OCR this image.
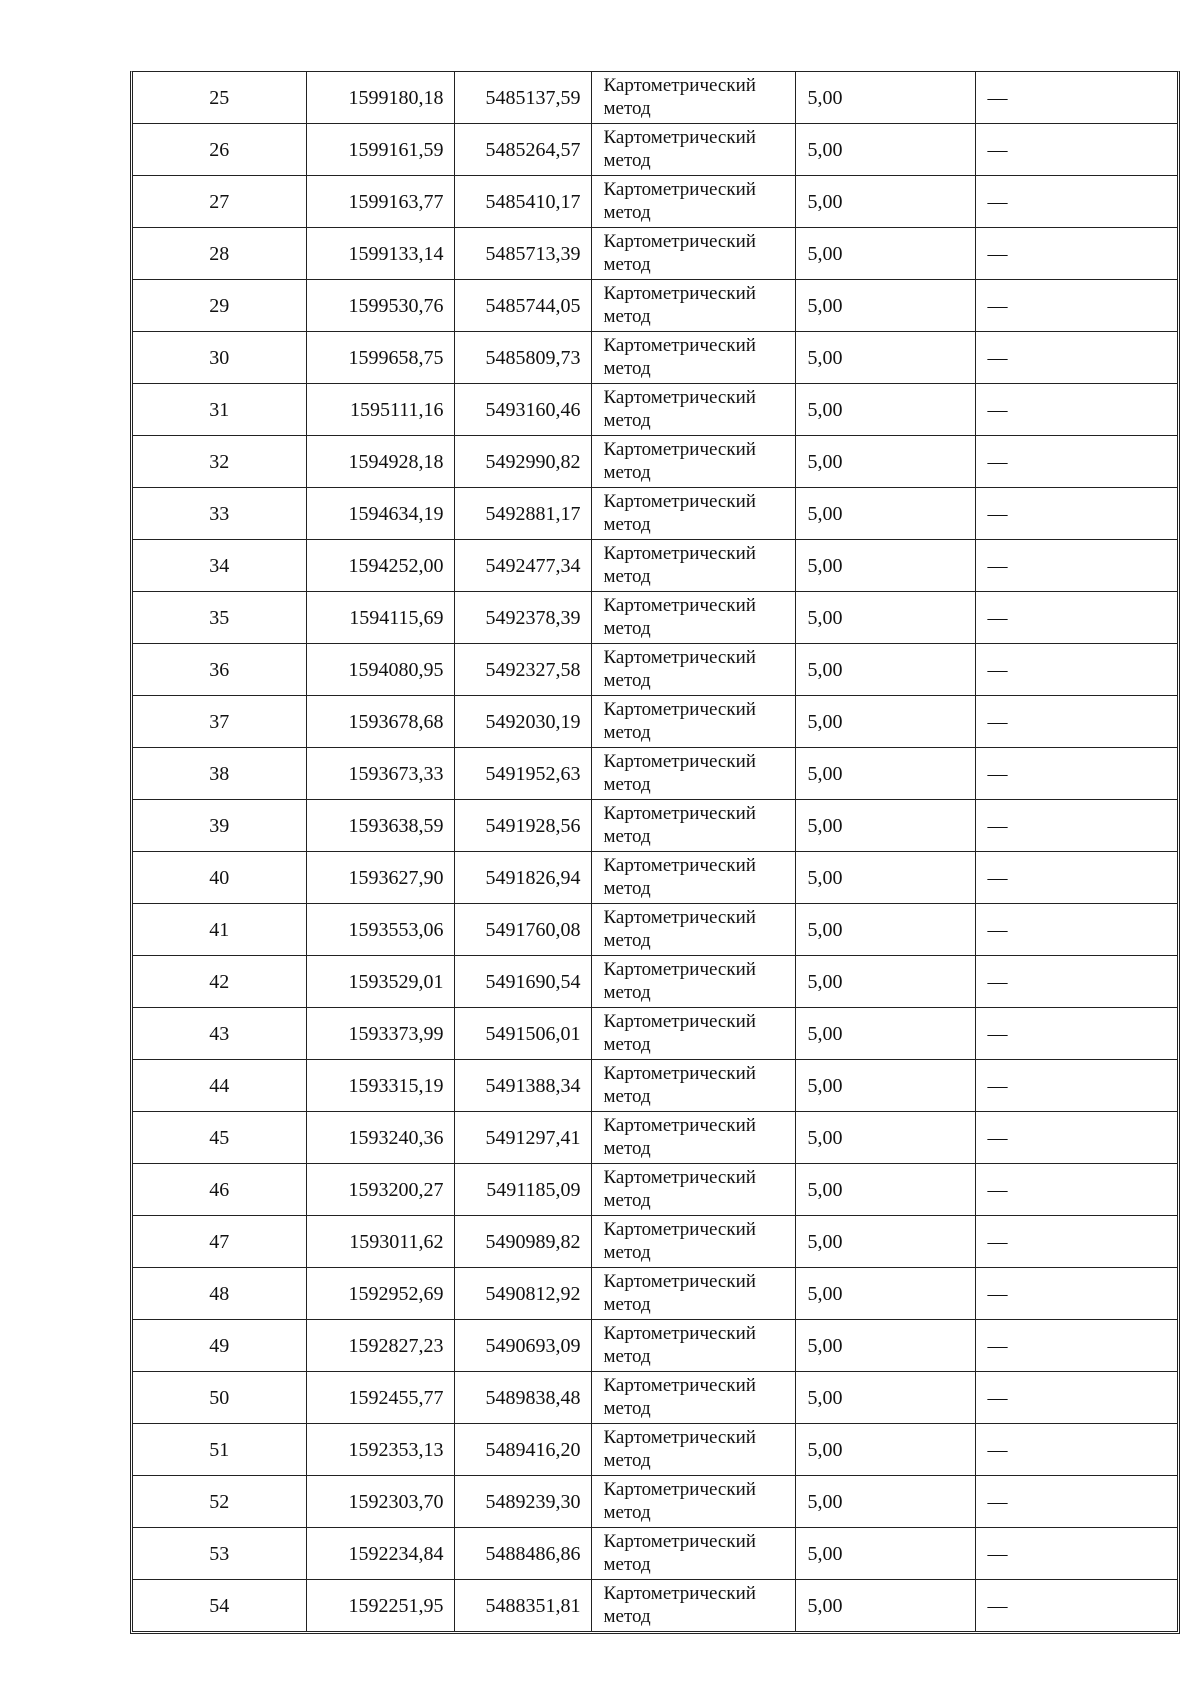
25	1599180,18	5485137,59	Картометрический
метод	5,00	—
26	1599161,59	5485264,57	Картометрический
метод	5,00	—
27	1599163,77	5485410,17	Картометрический
метод	5,00	—
28	1599133,14	5485713,39	Картометрический
метод	5,00	—
29	1599530,76	5485744,05	Картометрический
метод	5,00	—
30	1599658,75	5485809,73	Картометрический
метод	5,00	—
31	1595111,16	5493160,46	Картометрический
метод	5,00	—
32	1594928,18	5492990,82	Картометрический
метод	5,00	—
33	1594634,19	5492881,17	Картометрический
метод	5,00	—
34	1594252,00	5492477,34	Картометрический
метод	5,00	—
35	1594115,69	5492378,39	Картометрический
метод	5,00	—
36	1594080,95	5492327,58	Картометрический
метод	5,00	—
37	1593678,68	5492030,19	Картометрический
метод	5,00	—
38	1593673,33	5491952,63	Картометрический
метод	5,00	—
39	1593638,59	5491928,56	Картометрический
метод	5,00	—
40	1593627,90	5491826,94	Картометрический
метод	5,00	—
41	1593553,06	5491760,08	Картометрический
метод	5,00	—
42	1593529,01	5491690,54	Картометрический
метод	5,00	—
43	1593373,99	5491506,01	Картометрический
метод	5,00	—
44	1593315,19	5491388,34	Картометрический
метод	5,00	—
45	1593240,36	5491297,41	Картометрический
метод	5,00	—
46	1593200,27	5491185,09	Картометрический
метод	5,00	—
47	1593011,62	5490989,82	Картометрический
метод	5,00	—
48	1592952,69	5490812,92	Картометрический
метод	5,00	—
49	1592827,23	5490693,09	Картометрический
метод	5,00	—
50	1592455,77	5489838,48	Картометрический
метод	5,00	—
51	1592353,13	5489416,20	Картометрический
метод	5,00	—
52	1592303,70	5489239,30	Картометрический
метод	5,00	—
53	1592234,84	5488486,86	Картометрический
метод	5,00	—
54	1592251,95	5488351,81	Картометрический
метод	5,00	—
